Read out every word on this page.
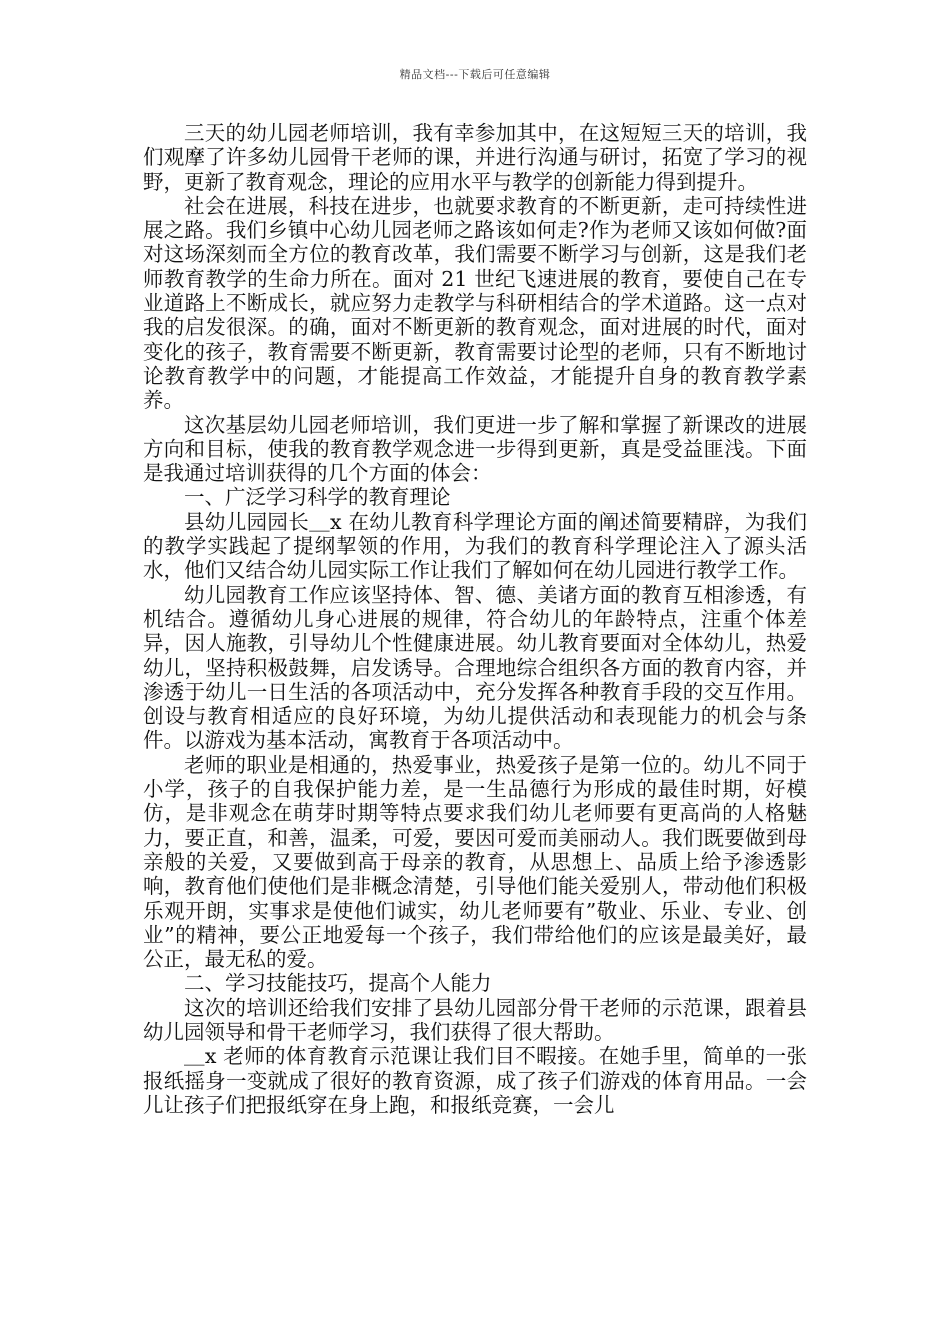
精品文档---下载后可任意编辑

三天的幼儿园老师培训，我有幸参加其中，在这短短三天的培训，我们观摩了许多幼儿园骨干老师的课，并进行沟通与研讨，拓宽了学习的视野，更新了教育观念，理论的应用水平与教学的创新能力得到提升。

社会在进展，科技在进步，也就要求教育的不断更新，走可持续性进展之路。我们乡镇中心幼儿园老师之路该如何走?作为老师又该如何做?面对这场深刻而全方位的教育改革，我们需要不断学习与创新，这是我们老师教育教学的生命力所在。面对 21 世纪飞速进展的教育，要使自己在专业道路上不断成长，就应努力走教学与科研相结合的学术道路。这一点对我的启发很深。的确，面对不断更新的教育观念，面对进展的时代，面对变化的孩子，教育需要不断更新，教育需要讨论型的老师，只有不断地讨论教育教学中的问题，才能提高工作效益，才能提升自身的教育教学素养。

这次基层幼儿园老师培训，我们更进一步了解和掌握了新课改的进展方向和目标，使我的教育教学观念进一步得到更新，真是受益匪浅。下面是我通过培训获得的几个方面的体会：

一、广泛学习科学的教育理论

县幼儿园园长＿x 在幼儿教育科学理论方面的阐述简要精辟，为我们的教学实践起了提纲挈领的作用，为我们的教育科学理论注入了源头活水，他们又结合幼儿园实际工作让我们了解如何在幼儿园进行教学工作。

幼儿园教育工作应该坚持体、智、德、美诸方面的教育互相渗透，有机结合。遵循幼儿身心进展的规律，符合幼儿的年龄特点，注重个体差异，因人施教，引导幼儿个性健康进展。幼儿教育要面对全体幼儿，热爱幼儿，坚持积极鼓舞，启发诱导。合理地综合组织各方面的教育内容，并渗透于幼儿一日生活的各项活动中，充分发挥各种教育手段的交互作用。创设与教育相适应的良好环境，为幼儿提供活动和表现能力的机会与条件。以游戏为基本活动，寓教育于各项活动中。

老师的职业是相通的，热爱事业，热爱孩子是第一位的。幼儿不同于小学，孩子的自我保护能力差，是一生品德行为形成的最佳时期，好模仿，是非观念在萌芽时期等特点要求我们幼儿老师要有更高尚的人格魅力，要正直，和善，温柔，可爱，要因可爱而美丽动人。我们既要做到母亲般的关爱，又要做到高于母亲的教育，从思想上、品质上给予渗透影响，教育他们使他们是非概念清楚，引导他们能关爱别人，带动他们积极乐观开朗，实事求是使他们诚实，幼儿老师要有”敬业、乐业、专业、创业”的精神，要公正地爱每一个孩子，我们带给他们的应该是最美好，最公正，最无私的爱。

二、学习技能技巧，提高个人能力

这次的培训还给我们安排了县幼儿园部分骨干老师的示范课，跟着县幼儿园领导和骨干老师学习，我们获得了很大帮助。

＿x 老师的体育教育示范课让我们目不暇接。在她手里，简单的一张报纸摇身一变就成了很好的教育资源，成了孩子们游戏的体育用品。一会儿让孩子们把报纸穿在身上跑，和报纸竞赛，一会儿
